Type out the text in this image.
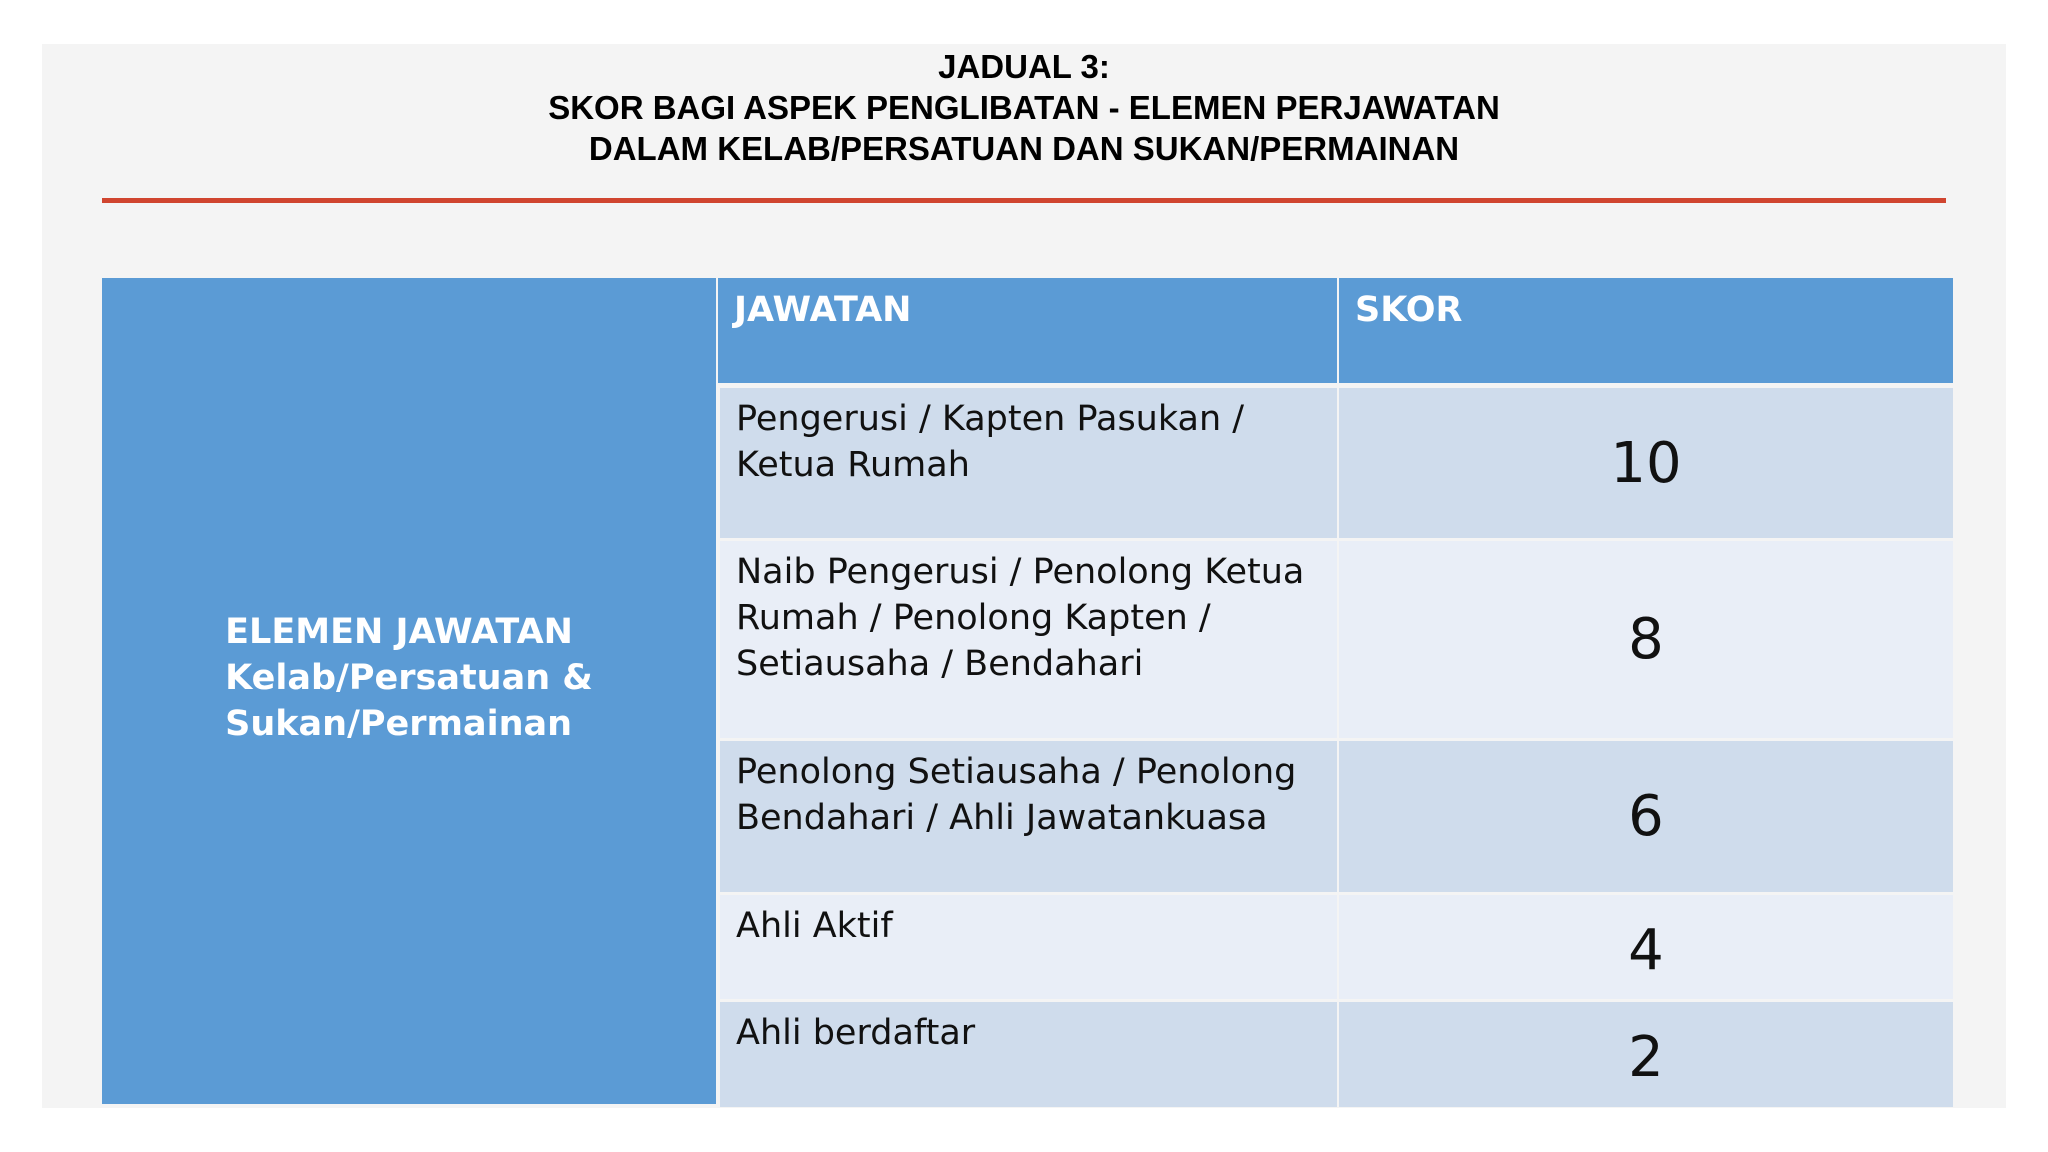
JADUAL 3:
SKOR BAGI ASPEK PENGLIBATAN - ELEMEN PERJAWATAN
DALAM KELAB/PERSATUAN DAN SUKAN/PERMAINAN
ELEMEN JAWATAN
Kelab/Persatuan &
Sukan/Permainan
JAWATAN	SKOR
Pengerusi / Kapten Pasukan / Ketua Rumah	10
Naib Pengerusi / Penolong Ketua Rumah / Penolong Kapten / Setiausaha / Bendahari	8
Penolong Setiausaha / Penolong Bendahari / Ahli Jawatankuasa	6
Ahli Aktif	4
Ahli berdaftar	2
